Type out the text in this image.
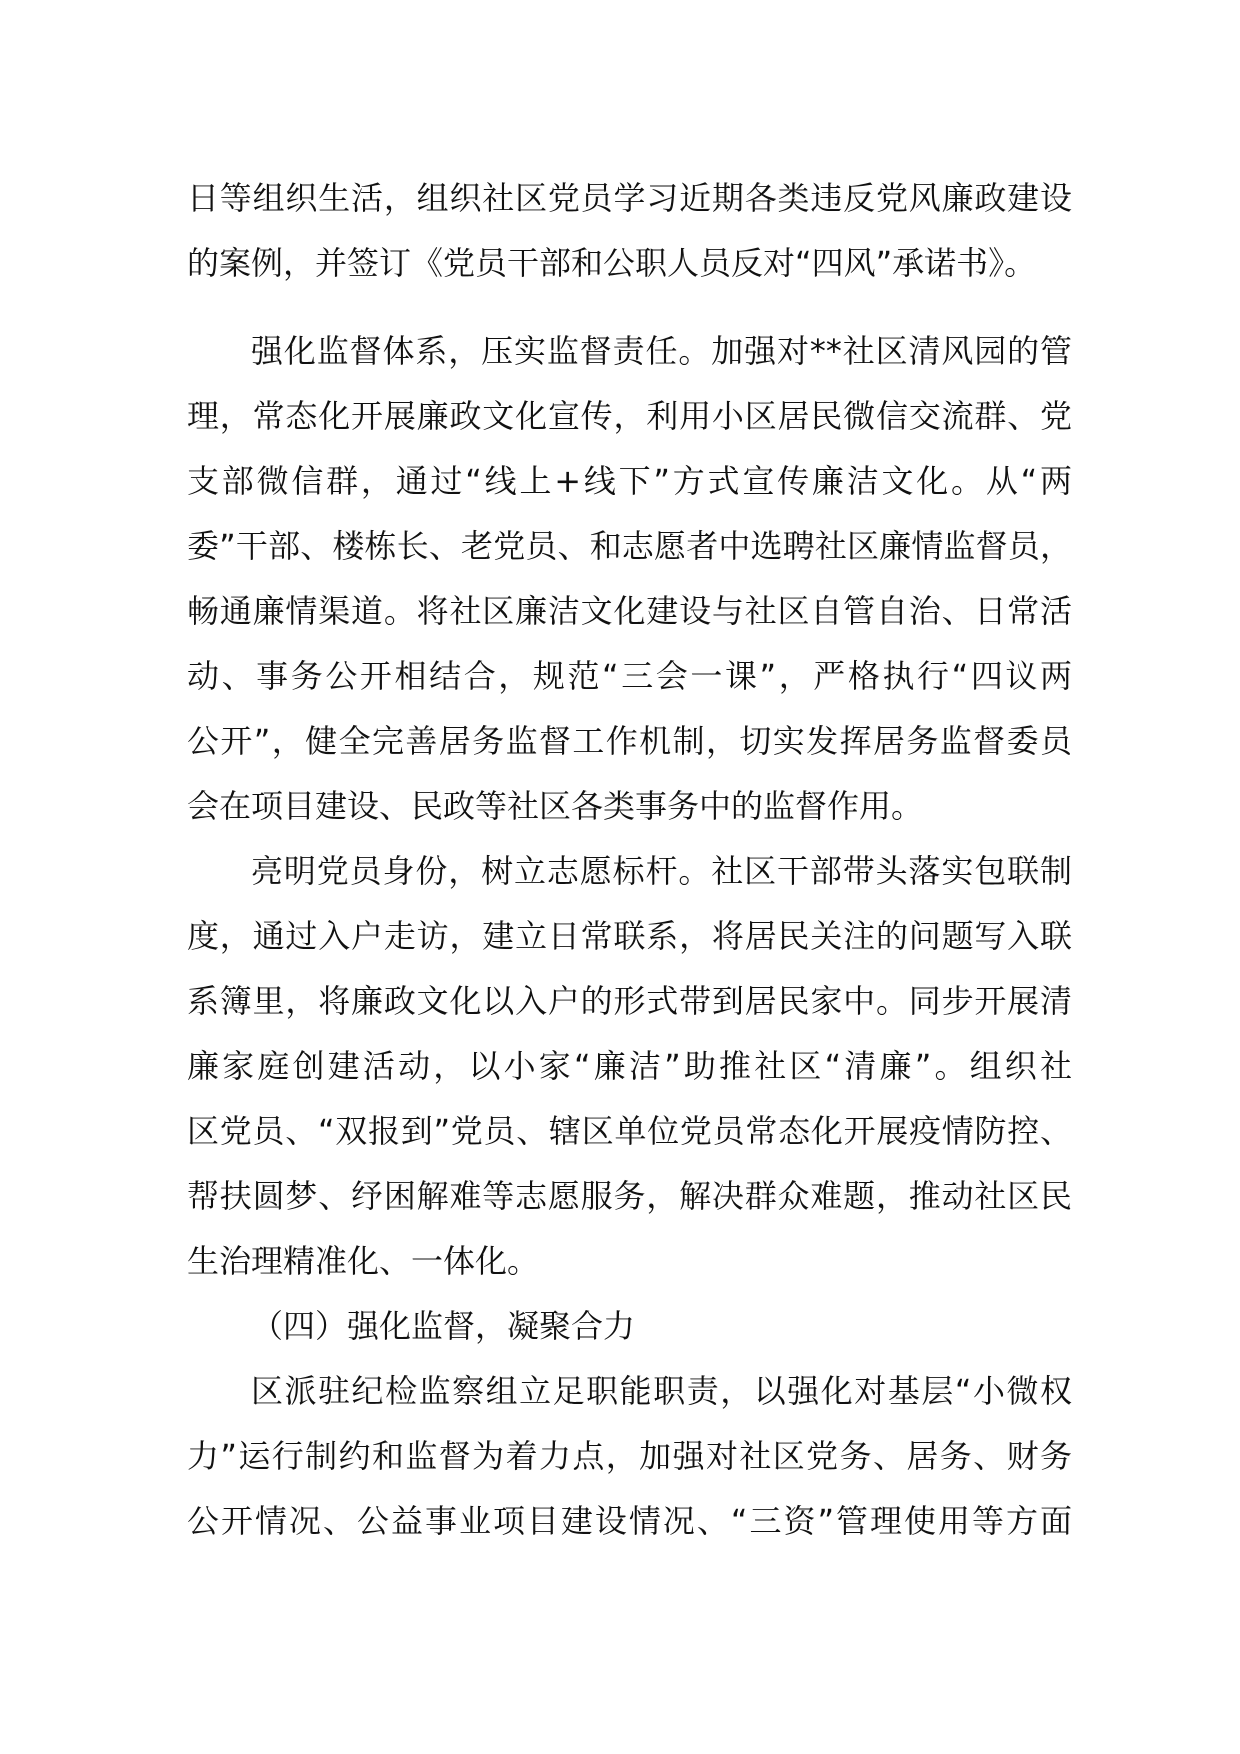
日等组织生活，组织社区党员学习近期各类违反党风廉政建设
的案例，并签订《党员干部和公职人员反对“四风”承诺书》。
强化监督体系，压实监督责任。加强对**社区清风园的管
理，常态化开展廉政文化宣传，利用小区居民微信交流群、党
支部微信群，通过“线上+线下”方式宣传廉洁文化。从“两
委”干部、楼栋长、老党员、和志愿者中选聘社区廉情监督员，
畅通廉情渠道。将社区廉洁文化建设与社区自管自治、日常活
动、事务公开相结合，规范“三会一课”，严格执行“四议两
公开”，健全完善居务监督工作机制，切实发挥居务监督委员
会在项目建设、民政等社区各类事务中的监督作用。
亮明党员身份，树立志愿标杆。社区干部带头落实包联制
度，通过入户走访，建立日常联系，将居民关注的问题写入联
系簿里，将廉政文化以入户的形式带到居民家中。同步开展清
廉家庭创建活动，以小家“廉洁”助推社区“清廉”。组织社
区党员、“双报到”党员、辖区单位党员常态化开展疫情防控、
帮扶圆梦、纾困解难等志愿服务，解决群众难题，推动社区民
生治理精准化、一体化。
（四）强化监督，凝聚合力
区派驻纪检监察组立足职能职责，以强化对基层“小微权
力”运行制约和监督为着力点，加强对社区党务、居务、财务
公开情况、公益事业项目建设情况、“三资”管理使用等方面
